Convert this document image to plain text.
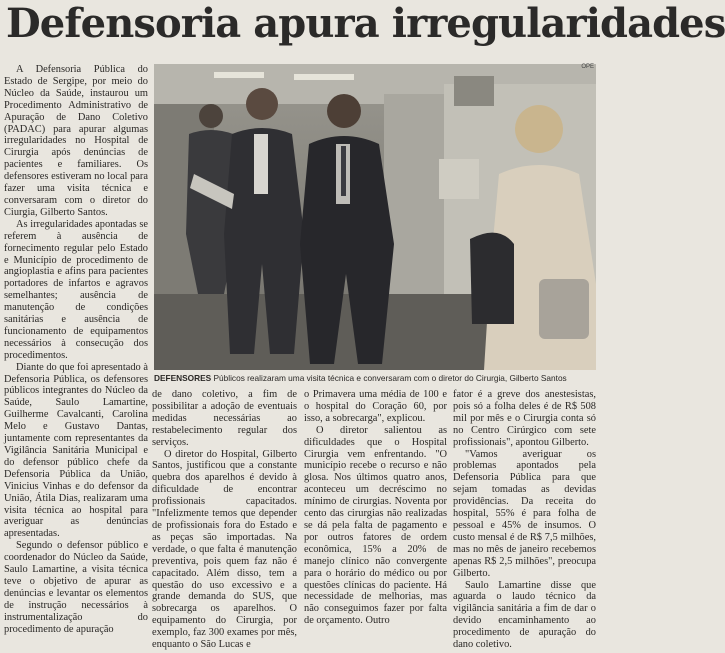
Defensoria apura irregularidades

A Defensoria Pública do Estado de Sergipe, por meio do Núcleo da Saúde, instaurou um Procedimento Administrativo de Apuração de Dano Coletivo (PADAC) para apurar algumas irregularidades no Hospital de Cirurgia após denúncias de pacientes e familiares. Os defensores estiveram no local para fazer uma visita técnica e conversaram com o diretor do Ciurgia, Gilberto Santos.

As irregularidades apontadas se referem à ausência de fornecimento regular pelo Estado e Município de procedimento de angioplastia e afins para pacientes portadores de infartos e agravos semelhantes; ausência de manutenção de condições sanitárias e ausência de funcionamento de equipamentos necessários à consecução dos procedimentos.

Diante do que foi apresentado à Defensoria Pública, os defensores públicos integrantes do Núcleo da Saúde, Saulo Lamartine, Guilherme Cavalcanti, Carolina Melo e Gustavo Dantas, juntamente com representantes da Vigilância Sanitária Municipal e do defensor público chefe da Defensoria Pública da União, Vinicius Vinhas e do defensor da União, Átila Dias, realizaram uma visita técnica ao hospital para averiguar as denúncias apresentadas.

Segundo o defensor público e coordenador do Núcleo da Saúde, Saulo Lamartine, a visita técnica teve o objetivo de apurar as denúncias e levantar os elementos de instrução necessários à instrumentalização do procedimento de apuração

OPE
DEFENSORES Públicos realizaram uma visita técnica e conversaram com o diretor do Cirurgia, Gilberto Santos

de dano coletivo, a fim de possibilitar a adoção de eventuais medidas necessárias ao restabelecimento regular dos serviços.

O diretor do Hospital, Gilberto Santos, justificou que a constante quebra dos aparelhos é devido à dificuldade de encontrar profissionais capacitados. "Infelizmente temos que depender de profissionais fora do Estado e as peças são importadas. Na verdade, o que falta é manutenção preventiva, pois quem faz não é capacitado. Além disso, tem a questão do uso excessivo e a grande demanda do SUS, que sobrecarga os aparelhos. O equipamento do Cirurgia, por exemplo, faz 300 exames por mês, enquanto o São Lucas e

o Primavera uma média de 100 e o hospital do Coração 60, por isso, a sobrecarga", explicou.

O diretor salientou as dificuldades que o Hospital Cirurgia vem enfrentando. "O município recebe o recurso e não glosa. Nos últimos quatro anos, aconteceu um decréscimo no mínimo de cirurgias. Noventa por cento das cirurgias não realizadas se dá pela falta de pagamento e por outros fatores de ordem econômica, 15% a 20% de manejo clínico não convergente para o horário do médico ou por questões clínicas do paciente. Há necessidade de melhorias, mas não conseguimos fazer por falta de orçamento. Outro

fator é a greve dos anestesistas, pois só a folha deles é de R$ 508 mil por mês e o Cirurgia conta só no Centro Cirúrgico com sete profissionais", apontou Gilberto.

"Vamos averiguar os problemas apontados pela Defensoria Pública para que sejam tomadas as devidas providências. Da receita do hospital, 55% é para folha de pessoal e 45% de insumos. O custo mensal é de R$ 7,5 milhões, mas no mês de janeiro recebemos apenas R$ 2,5 milhões", preocupa Gilberto.

Saulo Lamartine disse que aguarda o laudo técnico da vigilância sanitária a fim de dar o devido encaminhamento ao procedimento de apuração do dano coletivo.
